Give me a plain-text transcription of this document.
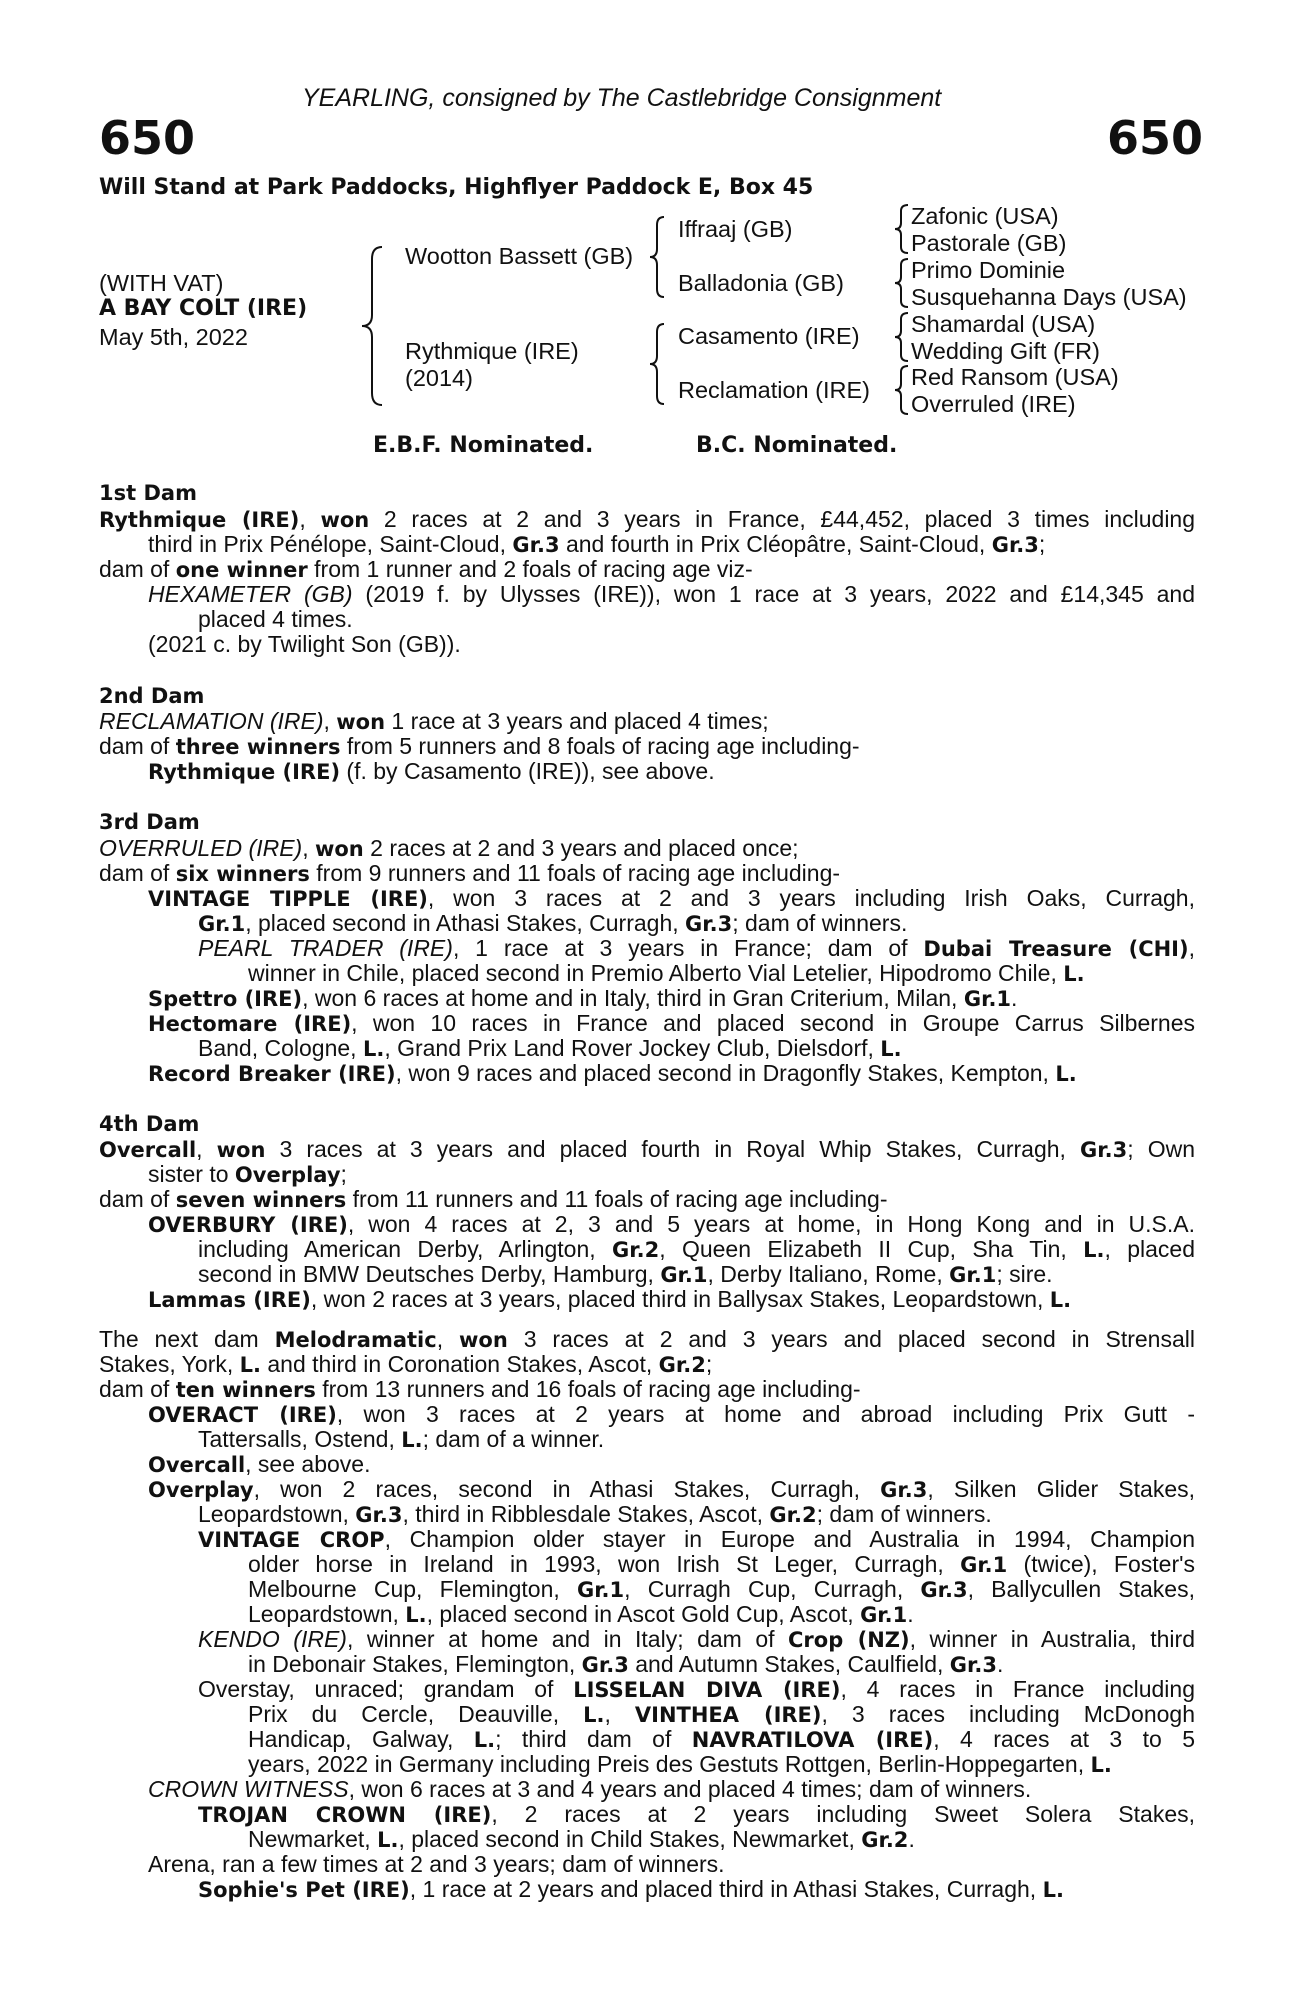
YEARLING, consigned by The Castlebridge Consignment
650	650
Will Stand at Park Paddocks, Highflyer Paddock E, Box 45
(WITH VAT)
A BAY COLT (IRE)
May 5th, 2022
Wootton Bassett (GB)
Rythmique (IRE)
(2014)
Iffraaj (GB)
Balladonia (GB)
Casamento (IRE)
Reclamation (IRE)
Zafonic (USA)
Pastorale (GB)
Primo Dominie
Susquehanna Days (USA)
Shamardal (USA)
Wedding Gift (FR)
Red Ransom (USA)
Overruled (IRE)
E.B.F. Nominated.	B.C. Nominated.
1st Dam
Rythmique (IRE), won 2 races at 2 and 3 years in France, £44,452, placed 3 times including
third in Prix Pénélope, Saint-Cloud, Gr.3 and fourth in Prix Cléopâtre, Saint-Cloud, Gr.3;
dam of one winner from 1 runner and 2 foals of racing age viz-
HEXAMETER (GB) (2019 f. by Ulysses (IRE)), won 1 race at 3 years, 2022 and £14,345 and
placed 4 times.
(2021 c. by Twilight Son (GB)).
2nd Dam
RECLAMATION (IRE), won 1 race at 3 years and placed 4 times;
dam of three winners from 5 runners and 8 foals of racing age including-
Rythmique (IRE) (f. by Casamento (IRE)), see above.
3rd Dam
OVERRULED (IRE), won 2 races at 2 and 3 years and placed once;
dam of six winners from 9 runners and 11 foals of racing age including-
VINTAGE TIPPLE (IRE), won 3 races at 2 and 3 years including Irish Oaks, Curragh,
Gr.1, placed second in Athasi Stakes, Curragh, Gr.3; dam of winners.
PEARL TRADER (IRE), 1 race at 3 years in France; dam of Dubai Treasure (CHI),
winner in Chile, placed second in Premio Alberto Vial Letelier, Hipodromo Chile, L.
Spettro (IRE), won 6 races at home and in Italy, third in Gran Criterium, Milan, Gr.1.
Hectomare (IRE), won 10 races in France and placed second in Groupe Carrus Silbernes
Band, Cologne, L., Grand Prix Land Rover Jockey Club, Dielsdorf, L.
Record Breaker (IRE), won 9 races and placed second in Dragonfly Stakes, Kempton, L.
4th Dam
Overcall, won 3 races at 3 years and placed fourth in Royal Whip Stakes, Curragh, Gr.3; Own
sister to Overplay;
dam of seven winners from 11 runners and 11 foals of racing age including-
OVERBURY (IRE), won 4 races at 2, 3 and 5 years at home, in Hong Kong and in U.S.A.
including American Derby, Arlington, Gr.2, Queen Elizabeth II Cup, Sha Tin, L., placed
second in BMW Deutsches Derby, Hamburg, Gr.1, Derby Italiano, Rome, Gr.1; sire.
Lammas (IRE), won 2 races at 3 years, placed third in Ballysax Stakes, Leopardstown, L.
The next dam Melodramatic, won 3 races at 2 and 3 years and placed second in Strensall
Stakes, York, L. and third in Coronation Stakes, Ascot, Gr.2;
dam of ten winners from 13 runners and 16 foals of racing age including-
OVERACT (IRE), won 3 races at 2 years at home and abroad including Prix Gutt -
Tattersalls, Ostend, L.; dam of a winner.
Overcall, see above.
Overplay, won 2 races, second in Athasi Stakes, Curragh, Gr.3, Silken Glider Stakes,
Leopardstown, Gr.3, third in Ribblesdale Stakes, Ascot, Gr.2; dam of winners.
VINTAGE CROP, Champion older stayer in Europe and Australia in 1994, Champion
older horse in Ireland in 1993, won Irish St Leger, Curragh, Gr.1 (twice), Foster's
Melbourne Cup, Flemington, Gr.1, Curragh Cup, Curragh, Gr.3, Ballycullen Stakes,
Leopardstown, L., placed second in Ascot Gold Cup, Ascot, Gr.1.
KENDO (IRE), winner at home and in Italy; dam of Crop (NZ), winner in Australia, third
in Debonair Stakes, Flemington, Gr.3 and Autumn Stakes, Caulfield, Gr.3.
Overstay, unraced; grandam of LISSELAN DIVA (IRE), 4 races in France including
Prix du Cercle, Deauville, L., VINTHEA (IRE), 3 races including McDonogh
Handicap, Galway, L.; third dam of NAVRATILOVA (IRE), 4 races at 3 to 5
years, 2022 in Germany including Preis des Gestuts Rottgen, Berlin-Hoppegarten, L.
CROWN WITNESS, won 6 races at 3 and 4 years and placed 4 times; dam of winners.
TROJAN CROWN (IRE), 2 races at 2 years including Sweet Solera Stakes,
Newmarket, L., placed second in Child Stakes, Newmarket, Gr.2.
Arena, ran a few times at 2 and 3 years; dam of winners.
Sophie's Pet (IRE), 1 race at 2 years and placed third in Athasi Stakes, Curragh, L.
